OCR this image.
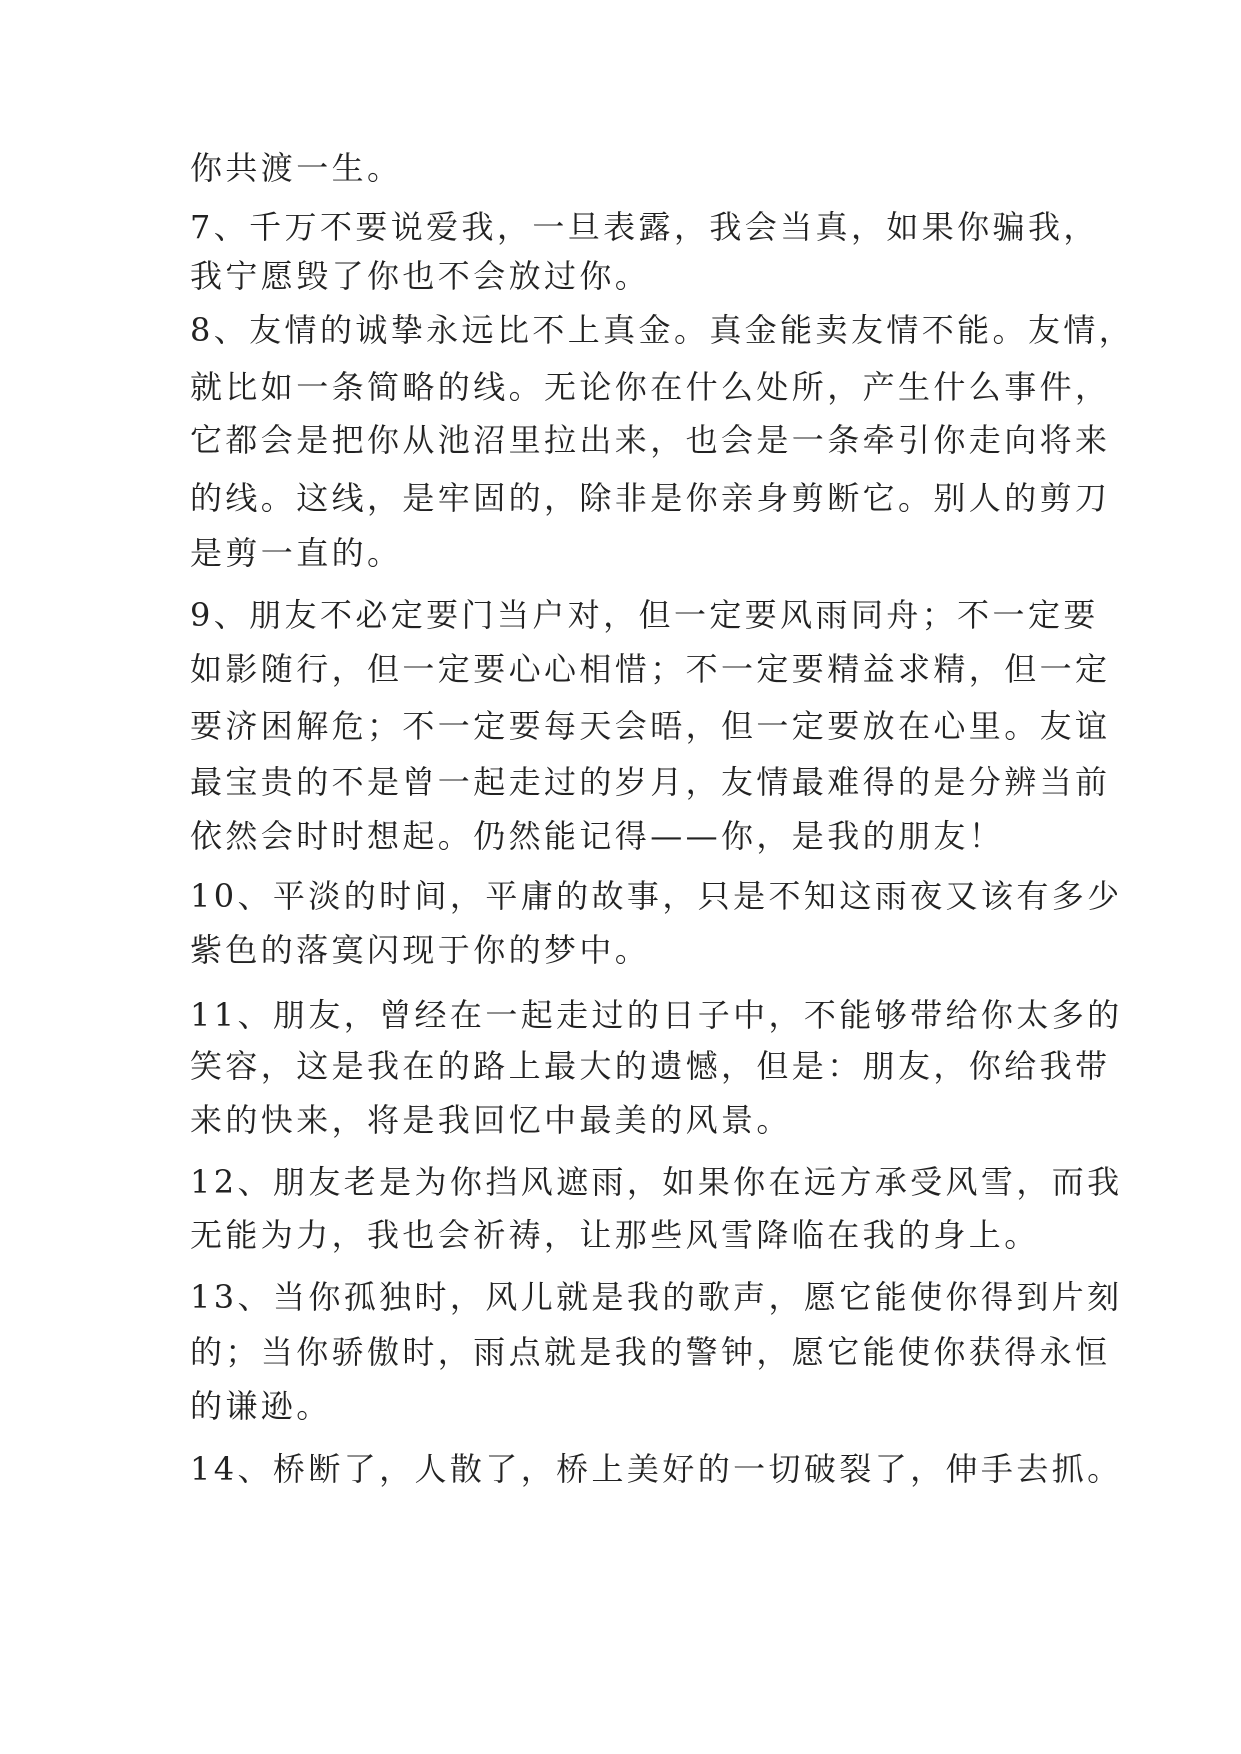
你共渡一生。

7、千万不要说爱我，一旦表露，我会当真，如果你骗我，

我宁愿毁了你也不会放过你。

8、友情的诚挚永远比不上真金。真金能卖友情不能。友情，

就比如一条简略的线。无论你在什么处所，产生什么事件，

它都会是把你从池沼里拉出来，也会是一条牵引你走向将来

的线。这线，是牢固的，除非是你亲身剪断它。别人的剪刀

是剪一直的。

9、朋友不必定要门当户对，但一定要风雨同舟；不一定要

如影随行，但一定要心心相惜；不一定要精益求精，但一定

要济困解危；不一定要每天会晤，但一定要放在心里。友谊

最宝贵的不是曾一起走过的岁月，友情最难得的是分辨当前

依然会时时想起。仍然能记得——你，是我的朋友！

10、平淡的时间，平庸的故事，只是不知这雨夜又该有多少

紫色的落寞闪现于你的梦中。

11、朋友，曾经在一起走过的日子中，不能够带给你太多的

笑容，这是我在的路上最大的遗憾，但是：朋友，你给我带

来的快来，将是我回忆中最美的风景。

12、朋友老是为你挡风遮雨，如果你在远方承受风雪，而我

无能为力，我也会祈祷，让那些风雪降临在我的身上。

13、当你孤独时，风儿就是我的歌声，愿它能使你得到片刻

的；当你骄傲时，雨点就是我的警钟，愿它能使你获得永恒

的谦逊。

14、桥断了，人散了，桥上美好的一切破裂了，伸手去抓。
